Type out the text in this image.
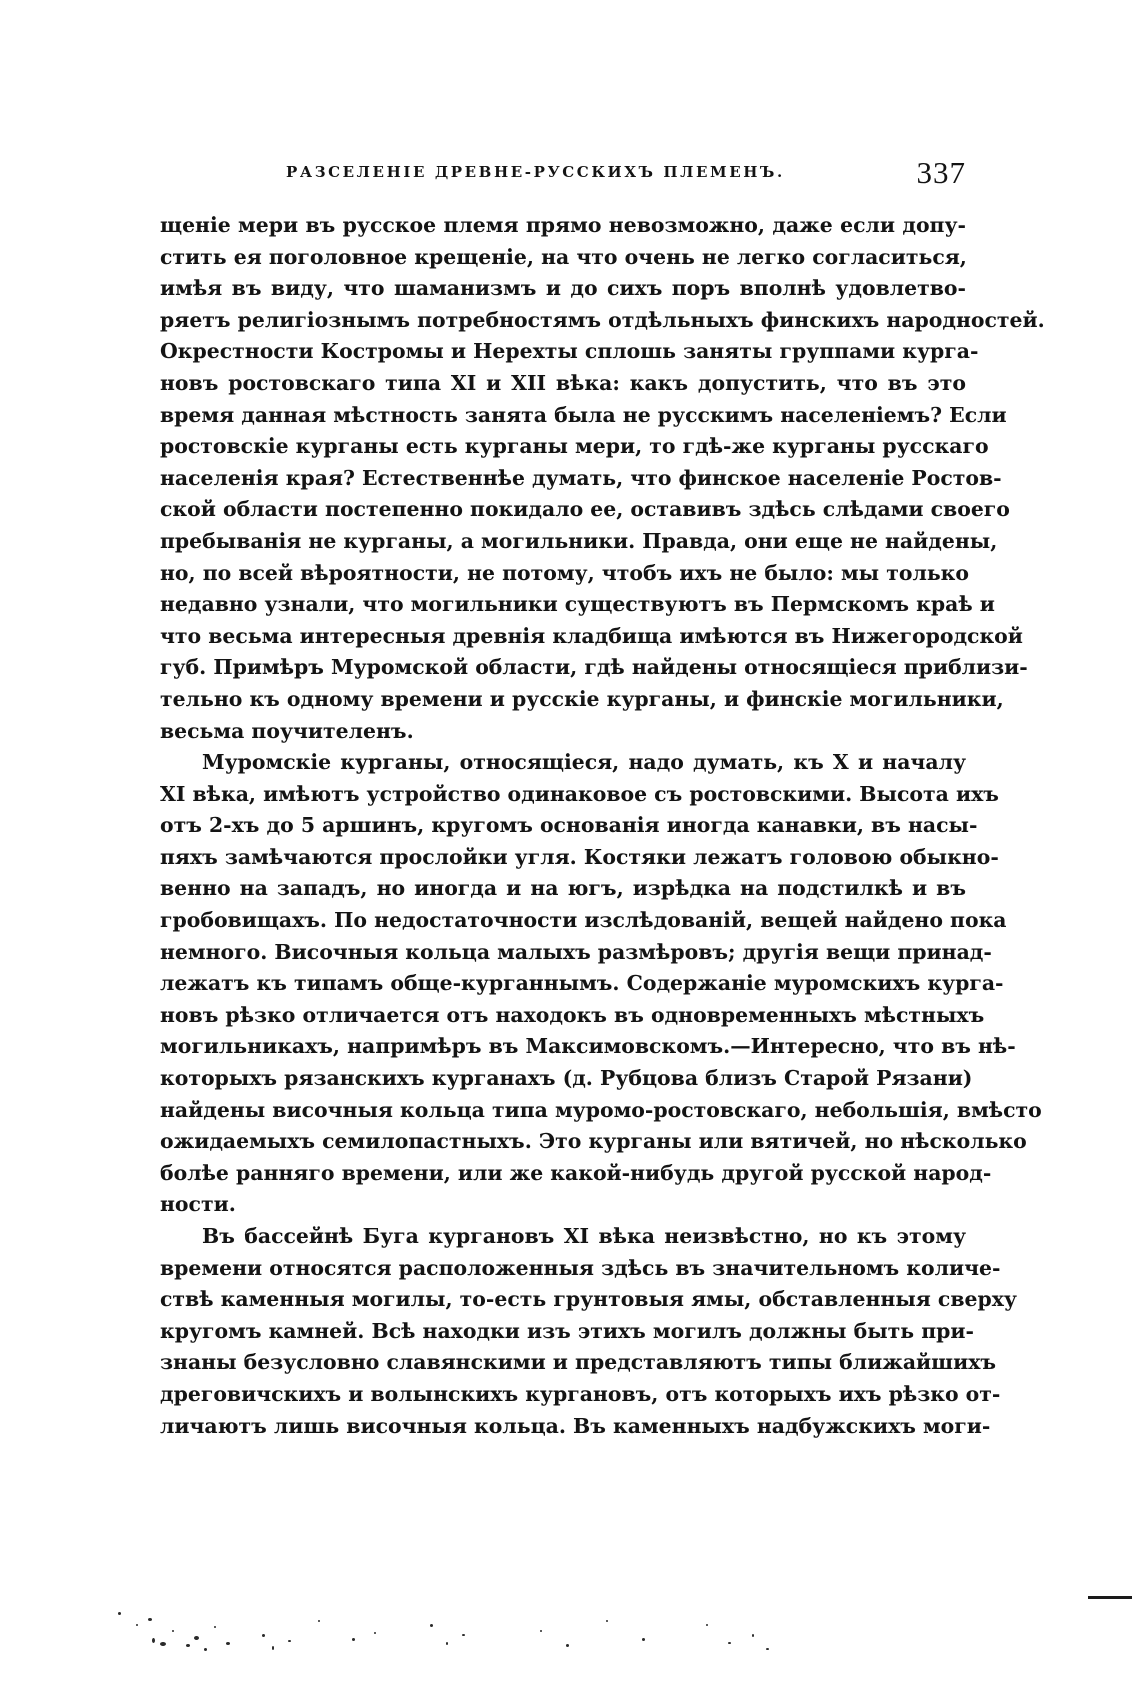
РАЗСЕЛЕНІЕ ДРЕВНЕ-РУССКИХЪ ПЛЕМЕНЪ.	337
щеніе мери въ русское племя прямо невозможно, даже если допу-
стить ея поголовное крещеніе, на что очень не легко согласиться,
имѣя въ виду, что шаманизмъ и до сихъ поръ вполнѣ удовлетво-
ряетъ религіознымъ потребностямъ отдѣльныхъ финскихъ народностей.
Окрестности Костромы и Нерехты сплошь заняты группами курга-
новъ ростовскаго типа XI и XII вѣка: какъ допустить, что въ это
время данная мѣстность занята была не русскимъ населеніемъ? Если
ростовскіе курганы есть курганы мери, то гдѣ-же курганы русскаго
населенія края? Естественнѣе думать, что финское населеніе Ростов-
ской области постепенно покидало ее, оставивъ здѣсь слѣдами своего
пребыванія не курганы, а могильники. Правда, они еще не найдены,
но, по всей вѣроятности, не потому, чтобъ ихъ не было: мы только
недавно узнали, что могильники существуютъ въ Пермскомъ краѣ и
что весьма интересныя древнія кладбища имѣются въ Нижегородской
губ. Примѣръ Муромской области, гдѣ найдены относящіеся приблизи-
тельно къ одному времени и русскіе курганы, и финскіе могильники,
весьма поучителенъ.
Муромскіе курганы, относящіеся, надо думать, къ X и началу
XI вѣка, имѣютъ устройство одинаковое съ ростовскими. Высота ихъ
отъ 2-хъ до 5 аршинъ, кругомъ основанія иногда канавки, въ насы-
пяхъ замѣчаются прослойки угля. Костяки лежатъ головою обыкно-
венно на западъ, но иногда и на югъ, изрѣдка на подстилкѣ и въ
гробовищахъ. По недостаточности изслѣдованій, вещей найдено пока
немного. Височныя кольца малыхъ размѣровъ; другія вещи принад-
лежатъ къ типамъ обще-курганнымъ. Содержаніе муромскихъ курга-
новъ рѣзко отличается отъ находокъ въ одновременныхъ мѣстныхъ
могильникахъ, напримѣръ въ Максимовскомъ.—Интересно, что въ нѣ-
которыхъ рязанскихъ курганахъ (д. Рубцова близъ Старой Рязани)
найдены височныя кольца типа муромо-ростовскаго, небольшія, вмѣсто
ожидаемыхъ семилопастныхъ. Это курганы или вятичей, но нѣсколько
болѣе ранняго времени, или же какой-нибудь другой русской народ-
ности.
Въ бассейнѣ Буга кургановъ XI вѣка неизвѣстно, но къ этому
времени относятся расположенныя здѣсь въ значительномъ количе-
ствѣ каменныя могилы, то-есть грунтовыя ямы, обставленныя сверху
кругомъ камней. Всѣ находки изъ этихъ могилъ должны быть при-
знаны безусловно славянскими и представляютъ типы ближайшихъ
дреговичскихъ и волынскихъ кургановъ, отъ которыхъ ихъ рѣзко от-
личаютъ лишь височныя кольца. Въ каменныхъ надбужскихъ моги-
